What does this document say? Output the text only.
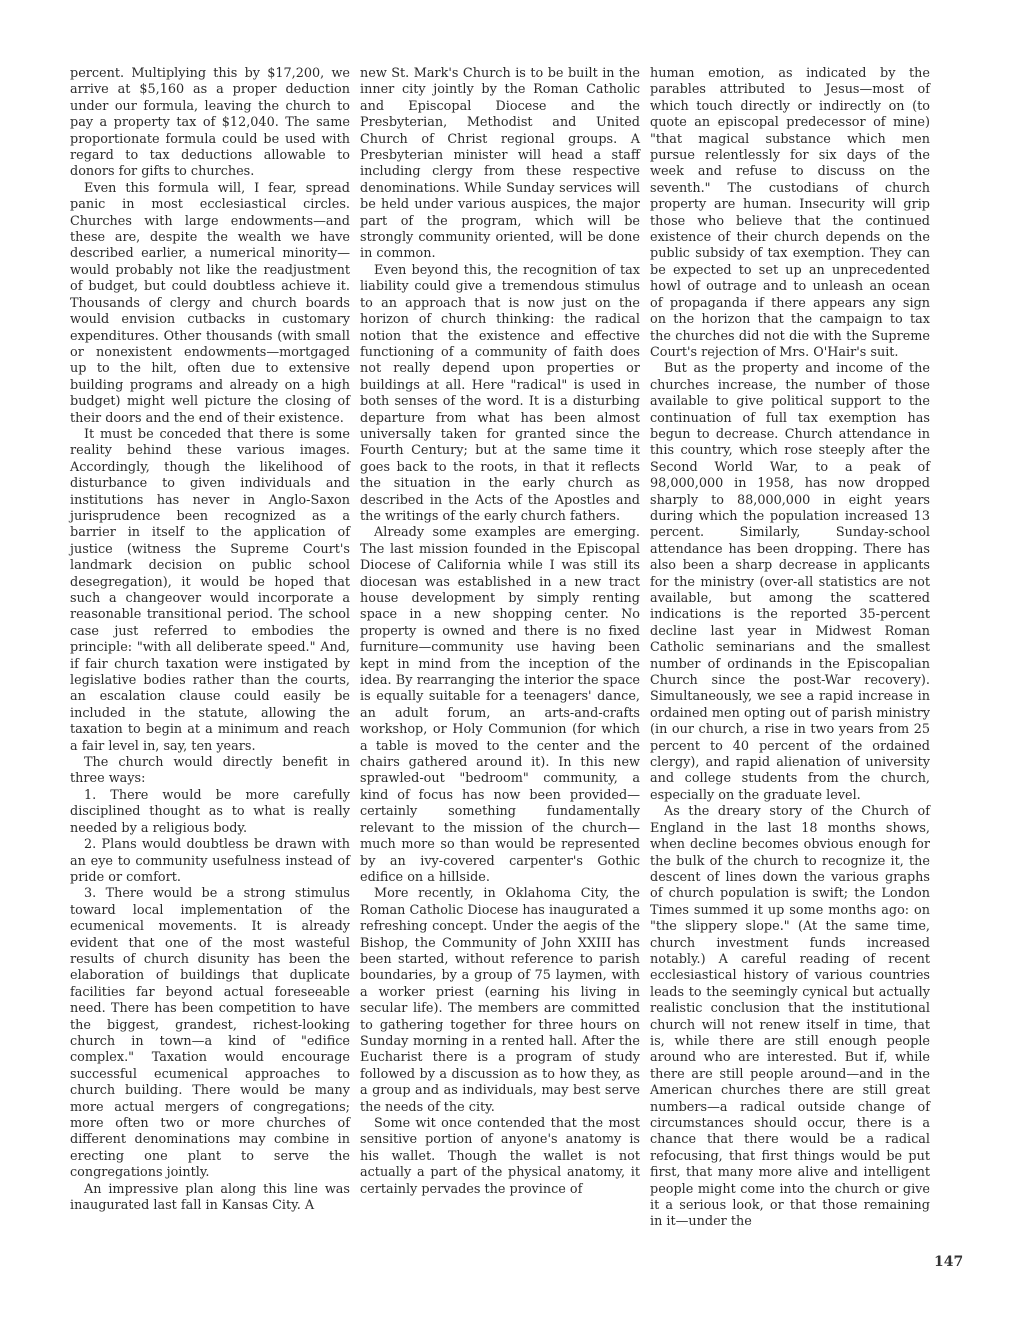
percent. Multiplying this by $17,200, we arrive at $5,160 as a proper deduction under our formula, leaving the church to pay a property tax of $12,040. The same proportionate formula could be used with regard to tax deductions allowable to donors for gifts to churches.

Even this formula will, I fear, spread panic in most ecclesiastical circles. Churches with large endowments—and these are, despite the wealth we have described earlier, a numerical minority—would probably not like the readjustment of budget, but could doubtless achieve it. Thousands of clergy and church boards would envision cutbacks in customary expenditures. Other thousands (with small or nonexistent endowments—mortgaged up to the hilt, often due to extensive building programs and already on a high budget) might well picture the closing of their doors and the end of their existence.

It must be conceded that there is some reality behind these various images. Accordingly, though the likelihood of disturbance to given individuals and institutions has never in Anglo-Saxon jurisprudence been recognized as a barrier in itself to the application of justice (witness the Supreme Court's landmark decision on public school desegregation), it would be hoped that such a changeover would incorporate a reasonable transitional period. The school case just referred to embodies the principle: "with all deliberate speed." And, if fair church taxation were instigated by legislative bodies rather than the courts, an escalation clause could easily be included in the statute, allowing the taxation to begin at a minimum and reach a fair level in, say, ten years.

The church would directly benefit in three ways:

1. There would be more carefully disciplined thought as to what is really needed by a religious body.

2. Plans would doubtless be drawn with an eye to community usefulness instead of pride or comfort.

3. There would be a strong stimulus toward local implementation of the ecumenical movements. It is already evident that one of the most wasteful results of church disunity has been the elaboration of buildings that duplicate facilities far beyond actual foreseeable need. There has been competition to have the biggest, grandest, richest-looking church in town—a kind of "edifice complex." Taxation would encourage successful ecumenical approaches to church building. There would be many more actual mergers of congregations; more often two or more churches of different denominations may combine in erecting one plant to serve the congregations jointly.

An impressive plan along this line was inaugurated last fall in Kansas City. A

new St. Mark's Church is to be built in the inner city jointly by the Roman Catholic and Episcopal Diocese and the Presbyterian, Methodist and United Church of Christ regional groups. A Presbyterian minister will head a staff including clergy from these respective denominations. While Sunday services will be held under various auspices, the major part of the program, which will be strongly community oriented, will be done in common.

Even beyond this, the recognition of tax liability could give a tremendous stimulus to an approach that is now just on the horizon of church thinking: the radical notion that the existence and effective functioning of a community of faith does not really depend upon properties or buildings at all. Here "radical" is used in both senses of the word. It is a disturbing departure from what has been almost universally taken for granted since the Fourth Century; but at the same time it goes back to the roots, in that it reflects the situation in the early church as described in the Acts of the Apostles and the writings of the early church fathers.

Already some examples are emerging. The last mission founded in the Episcopal Diocese of California while I was still its diocesan was established in a new tract house development by simply renting space in a new shopping center. No property is owned and there is no fixed furniture—community use having been kept in mind from the inception of the idea. By rearranging the interior the space is equally suitable for a teenagers' dance, an adult forum, an arts-and-crafts workshop, or Holy Communion (for which a table is moved to the center and the chairs gathered around it). In this new sprawled-out "bedroom" community, a kind of focus has now been provided—certainly something fundamentally relevant to the mission of the church—much more so than would be represented by an ivy-covered carpenter's Gothic edifice on a hillside.

More recently, in Oklahoma City, the Roman Catholic Diocese has inaugurated a refreshing concept. Under the aegis of the Bishop, the Community of John XXIII has been started, without reference to parish boundaries, by a group of 75 laymen, with a worker priest (earning his living in secular life). The members are committed to gathering together for three hours on Sunday morning in a rented hall. After the Eucharist there is a program of study followed by a discussion as to how they, as a group and as individuals, may best serve the needs of the city.

Some wit once contended that the most sensitive portion of anyone's anatomy is his wallet. Though the wallet is not actually a part of the physical anatomy, it certainly pervades the province of

human emotion, as indicated by the parables attributed to Jesus—most of which touch directly or indirectly on (to quote an episcopal predecessor of mine) "that magical substance which men pursue relentlessly for six days of the week and refuse to discuss on the seventh." The custodians of church property are human. Insecurity will grip those who believe that the continued existence of their church depends on the public subsidy of tax exemption. They can be expected to set up an unprecedented howl of outrage and to unleash an ocean of propaganda if there appears any sign on the horizon that the campaign to tax the churches did not die with the Supreme Court's rejection of Mrs. O'Hair's suit.

But as the property and income of the churches increase, the number of those available to give political support to the continuation of full tax exemption has begun to decrease. Church attendance in this country, which rose steeply after the Second World War, to a peak of 98,000,000 in 1958, has now dropped sharply to 88,000,000 in eight years during which the population increased 13 percent. Similarly, Sunday-school attendance has been dropping. There has also been a sharp decrease in applicants for the ministry (over-all statistics are not available, but among the scattered indications is the reported 35-percent decline last year in Midwest Roman Catholic seminarians and the smallest number of ordinands in the Episcopalian Church since the post-War recovery). Simultaneously, we see a rapid increase in ordained men opting out of parish ministry (in our church, a rise in two years from 25 percent to 40 percent of the ordained clergy), and rapid alienation of university and college students from the church, especially on the graduate level.

As the dreary story of the Church of England in the last 18 months shows, when decline becomes obvious enough for the bulk of the church to recognize it, the descent of lines down the various graphs of church population is swift; the London Times summed it up some months ago: on "the slippery slope." (At the same time, church investment funds increased notably.) A careful reading of recent ecclesiastical history of various countries leads to the seemingly cynical but actually realistic conclusion that the institutional church will not renew itself in time, that is, while there are still enough people around who are interested. But if, while there are still people around—and in the American churches there are still great numbers—a radical outside change of circumstances should occur, there is a chance that there would be a radical refocusing, that first things would be put first, that many more alive and intelligent people might come into the church or give it a serious look, or that those remaining in it—under the

147
